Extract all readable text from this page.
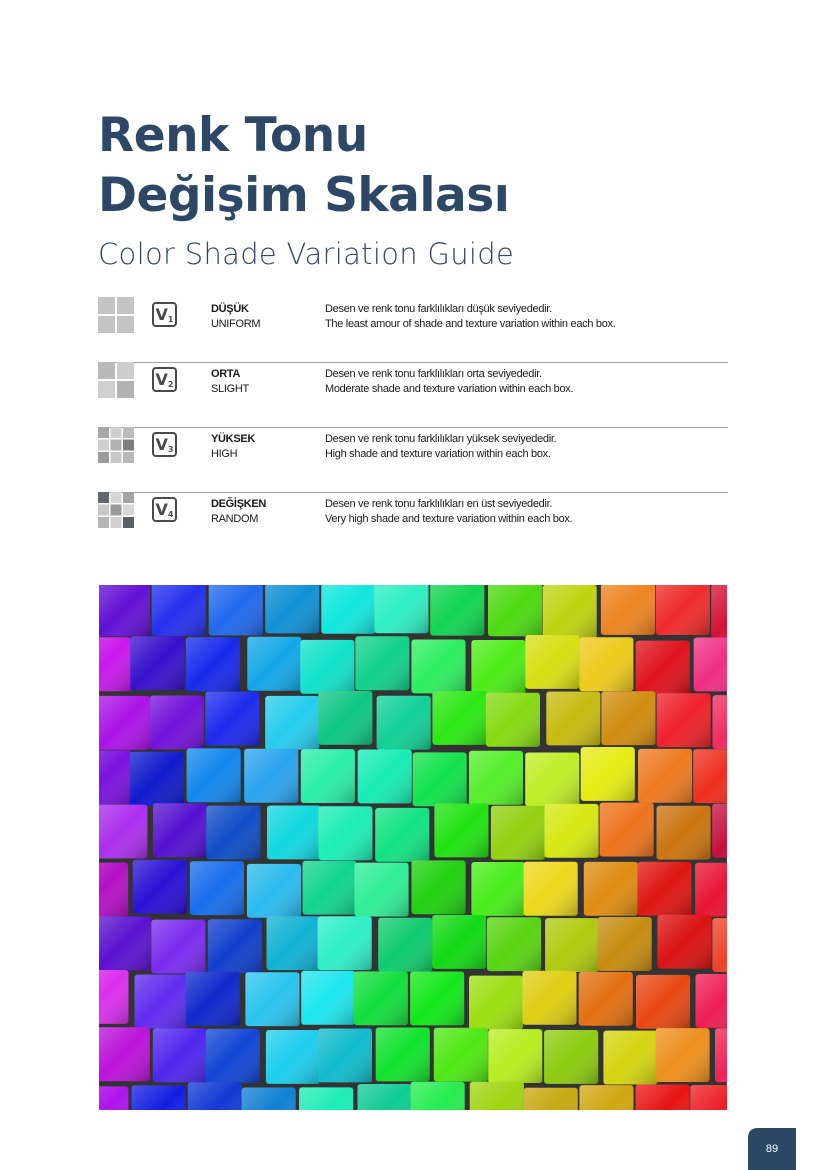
Renk Tonu
Değişim Skalası
Color Shade Variation Guide
$V_1$
DÜŞÜK
UNIFORM
Desen ve renk tonu farklılıkları düşük seviyededir.
The least amour of shade and texture variation within each box.
$V_2$
ORTA
SLIGHT
Desen ve renk tonu farklılıkları orta seviyededir.
Moderate shade and texture variation within each box.
$V_3$
YÜKSEK
HIGH
Desen ve renk tonu farklılıkları yüksek seviyededir.
High shade and texture variation within each box.
$V_4$
DEĞİŞKEN
RANDOM
Desen ve renk tonu farklılıkları en üst seviyededir.
Very high shade and texture variation within each box.
89
